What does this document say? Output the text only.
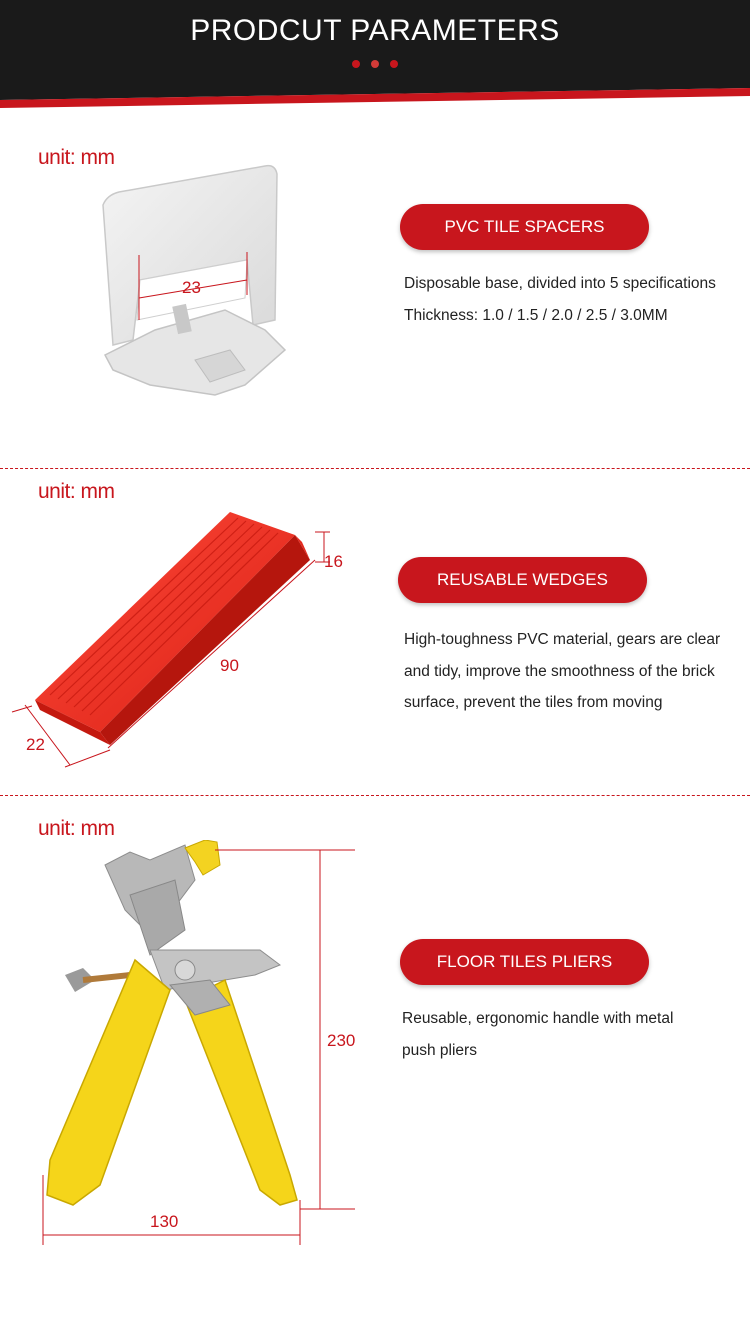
PRODCUT PARAMETERS
unit: mm
23
PVC TILE SPACERS
Disposable base, divided into 5 specifications
Thickness: 1.0 / 1.5 / 2.0 / 2.5 / 3.0MM
unit: mm
16
90
22
REUSABLE WEDGES
High-toughness PVC material, gears are clear
and tidy, improve the smoothness of the brick
surface, prevent the tiles from moving
unit: mm
230
130
FLOOR TILES PLIERS
Reusable, ergonomic handle with metal
push pliers
